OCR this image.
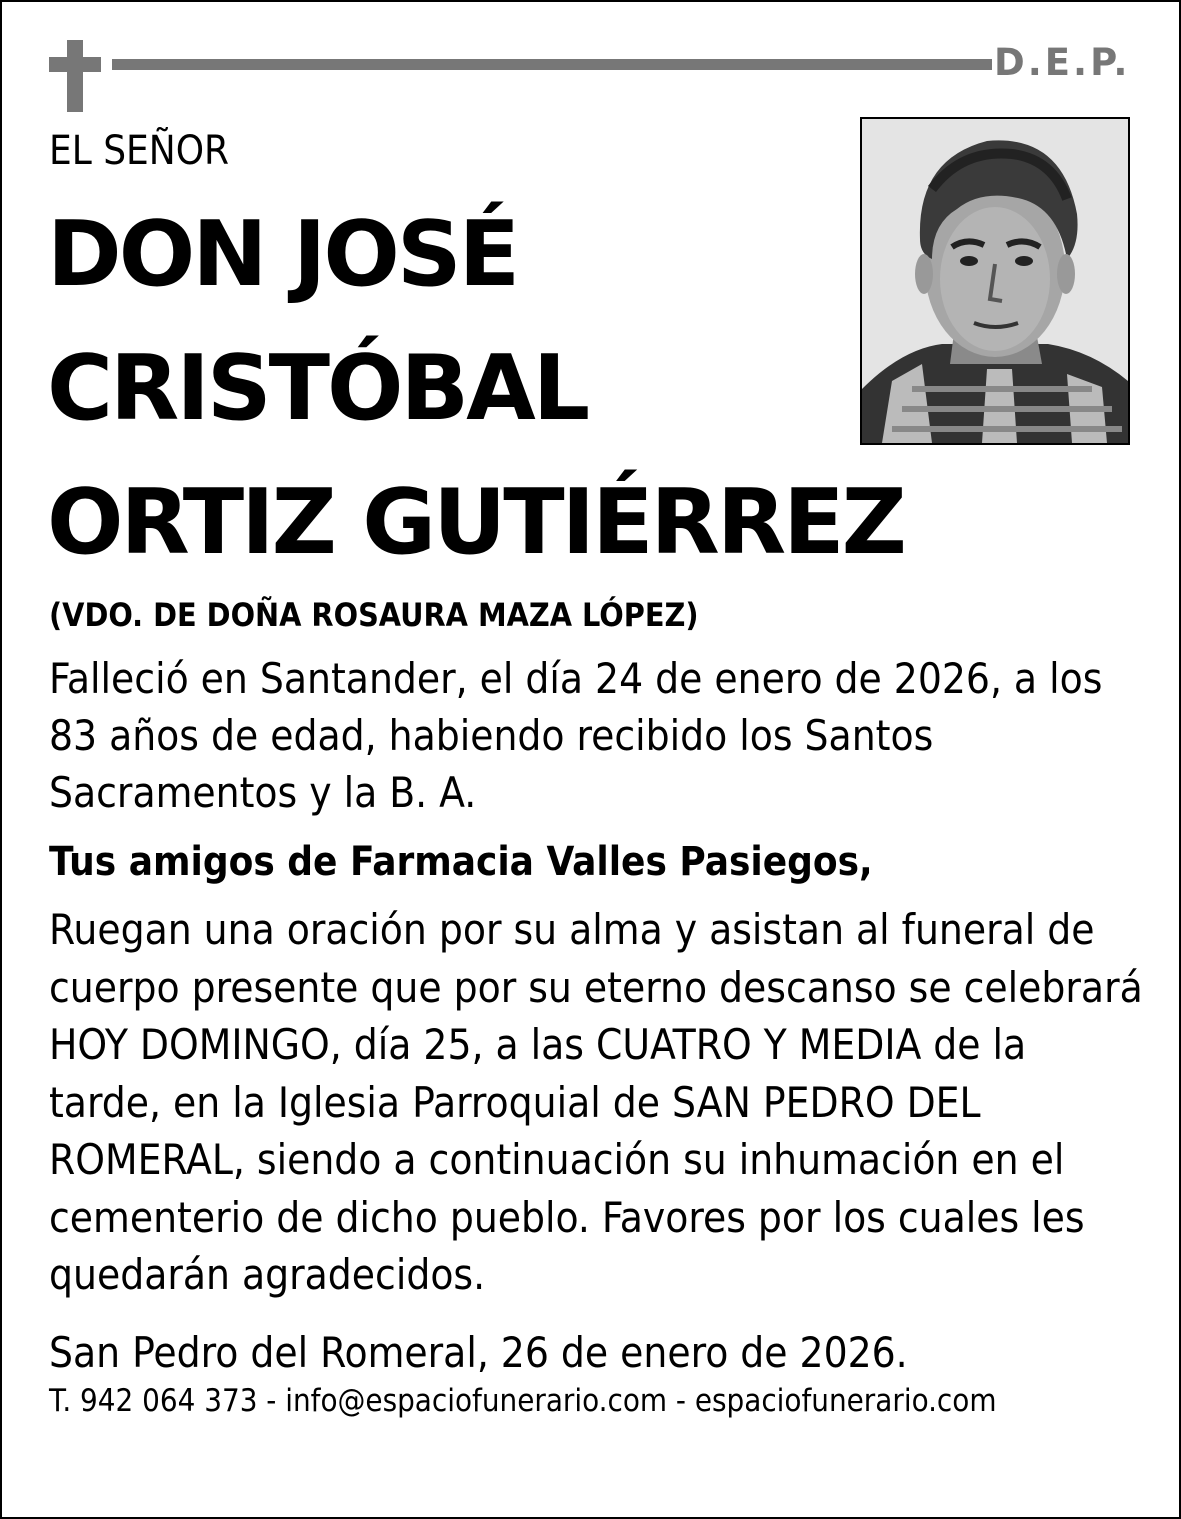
D.E.P.
EL SEÑOR
DON JOSÉ
CRISTÓBAL
ORTIZ GUTIÉRREZ
(VDO. DE DOÑA ROSAURA MAZA LÓPEZ)
Falleció en Santander, el día 24 de enero de 2026, a los 83 años de edad, habiendo recibido los Santos Sacramentos y la B. A.
Tus amigos de Farmacia Valles Pasiegos,
Ruegan una oración por su alma y asistan al funeral de cuerpo presente que por su eterno descanso se celebrará HOY DOMINGO, día 25, a las CUATRO Y MEDIA de la tarde, en la Iglesia Parroquial de SAN PEDRO DEL ROMERAL, siendo a continuación su inhumación en el cementerio de dicho pueblo. Favores por los cuales les quedarán agradecidos.
San Pedro del Romeral, 26 de enero de 2026.
T. 942 064 373 - info@espaciofunerario.com - espaciofunerario.com
